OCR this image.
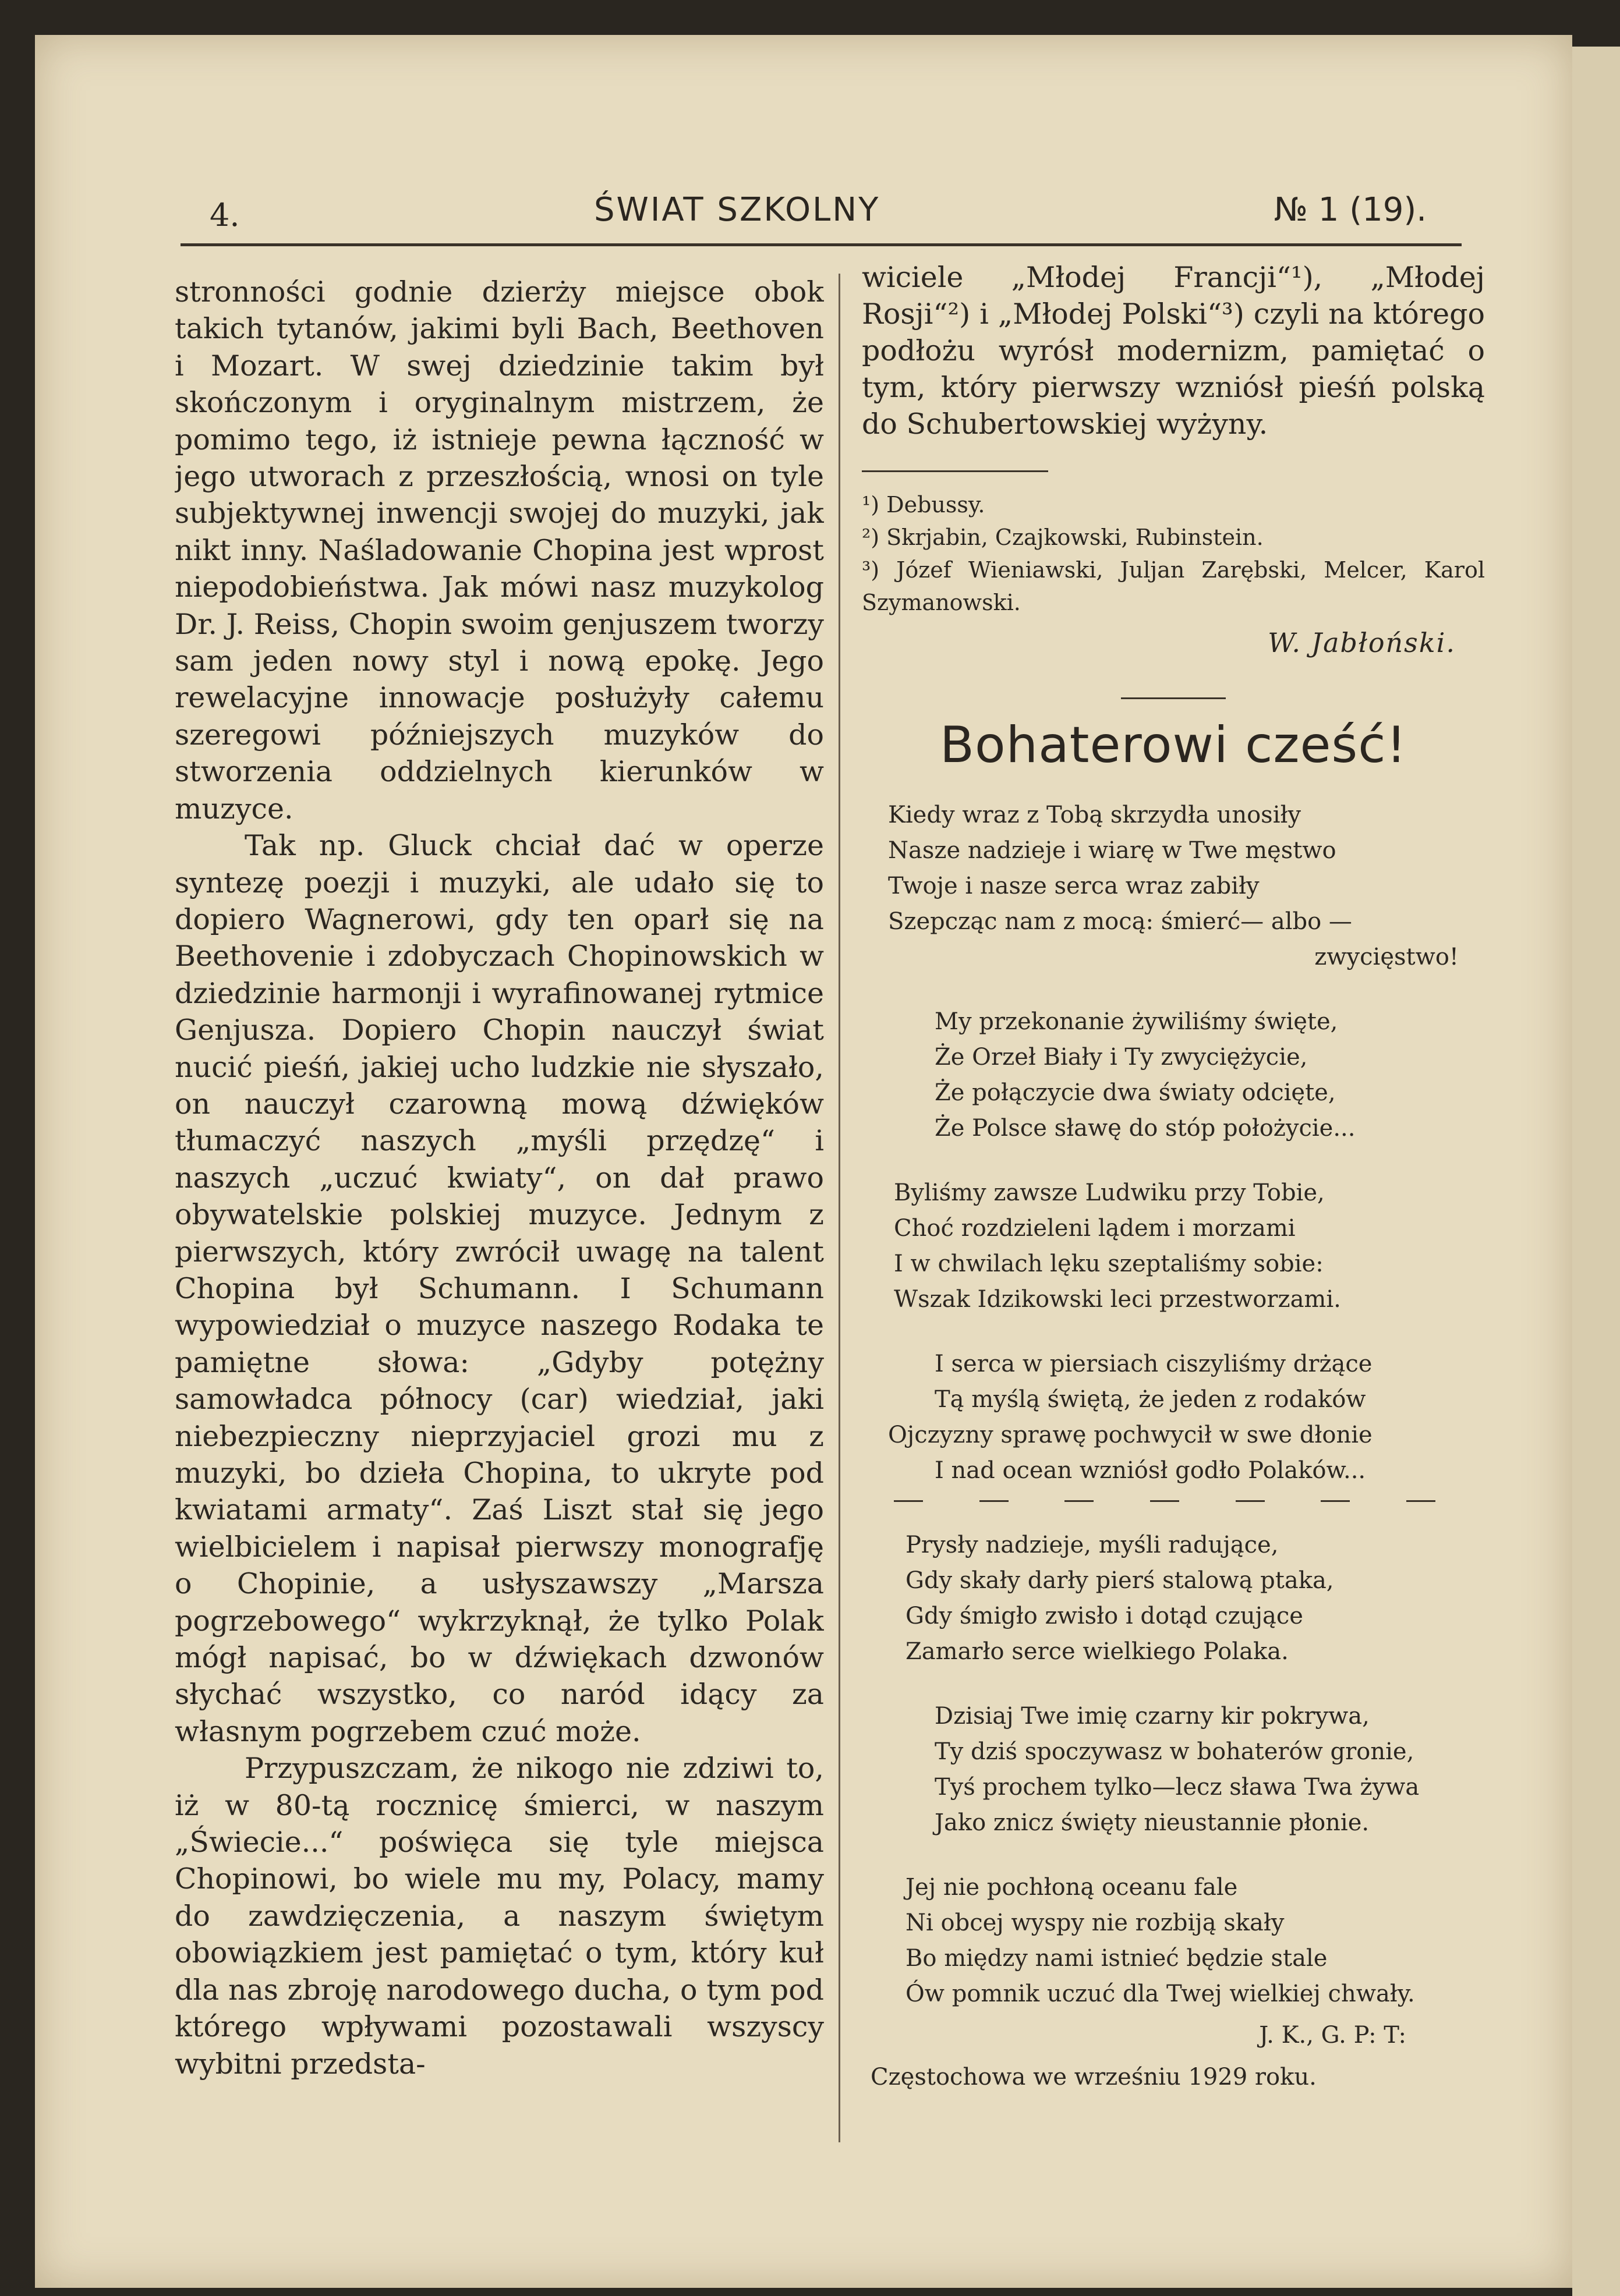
4.	ŚWIAT SZKOLNY	№ 1 (19).

stronności godnie dzierży miejsce obok takich tytanów, jakimi byli Bach, Beethoven i Mozart. W swej dziedzinie takim był skończonym i oryginalnym mistrzem, że pomimo tego, iż istnieje pewna łączność w jego utworach z przeszłością, wnosi on tyle subjektywnej inwencji swojej do muzyki, jak nikt inny. Naśladowanie Chopina jest wprost niepodobieństwa. Jak mówi nasz muzykolog Dr. J. Reiss, Chopin swoim genjuszem tworzy sam jeden nowy styl i nową epokę. Jego rewelacyjne innowacje posłużyły całemu szeregowi późniejszych muzyków do stworzenia oddzielnych kierunków w muzyce.

Tak np. Gluck chciał dać w operze syntezę poezji i muzyki, ale udało się to dopiero Wagnerowi, gdy ten oparł się na Beethovenie i zdobyczach Chopinowskich w dziedzinie harmonji i wyrafinowanej rytmice Genjusza. Dopiero Chopin nauczył świat nucić pieśń, jakiej ucho ludzkie nie słyszało, on nauczył czarowną mową dźwięków tłumaczyć naszych „myśli przędzę“ i naszych „uczuć kwiaty“, on dał prawo obywatelskie polskiej muzyce. Jednym z pierwszych, który zwrócił uwagę na talent Chopina był Schumann. I Schumann wypowiedział o muzyce naszego Rodaka te pamiętne słowa: „Gdyby potężny samowładca północy (car) wiedział, jaki niebezpieczny nieprzyjaciel grozi mu z muzyki, bo dzieła Chopina, to ukryte pod kwiatami armaty“. Zaś Liszt stał się jego wielbicielem i napisał pierwszy monografję o Chopinie, a usłyszawszy „Marsza pogrzebowego“ wykrzyknął, że tylko Polak mógł napisać, bo w dźwiękach dzwonów słychać wszystko, co naród idący za własnym pogrzebem czuć może.

Przypuszczam, że nikogo nie zdziwi to, iż w 80-tą rocznicę śmierci, w naszym „Świecie...“ poświęca się tyle miejsca Chopinowi, bo wiele mu my, Polacy, mamy do zawdzięczenia, a naszym świętym obowiązkiem jest pamiętać o tym, który kuł dla nas zbroję narodowego ducha, o tym pod którego wpływami pozostawali wszyscy wybitni przedsta-

wiciele „Młodej Francji“¹), „Młodej Rosji“²) i „Młodej Polski“³) czyli na którego podłożu wyrósł modernizm, pamiętać o tym, który pierwszy wzniósł pieśń polską do Schubertowskiej wyżyny.

¹) Debussy.
²) Skrjabin, Czajkowski, Rubinstein.
³) Józef Wieniawski, Juljan Zarębski, Melcer, Karol Szymanowski.
W. Jabłoński.
Bohaterowi cześć!
Kiedy wraz z Tobą skrzydła unosiły
Nasze nadzieje i wiarę w Twe męstwo
Twoje i nasze serca wraz zabiły
Szepcząc nam z mocą: śmierć— albo —
zwycięstwo!
My przekonanie żywiliśmy święte,
Że Orzeł Biały i Ty zwyciężycie,
Że połączycie dwa światy odcięte,
Że Polsce sławę do stóp położycie...
Byliśmy zawsze Ludwiku przy Tobie,
Choć rozdzieleni lądem i morzami
I w chwilach lęku szeptaliśmy sobie:
Wszak Idzikowski leci przestworzami.
I serca w piersiach ciszyliśmy drżące
Tą myślą świętą, że jeden z rodaków
Ojczyzny sprawę pochwycił w swe dłonie
I nad ocean wzniósł godło Polaków...
Prysły nadzieje, myśli radujące,
Gdy skały darły pierś stalową ptaka,
Gdy śmigło zwisło i dotąd czujące
Zamarło serce wielkiego Polaka.
Dzisiaj Twe imię czarny kir pokrywa,
Ty dziś spoczywasz w bohaterów gronie,
Tyś prochem tylko—lecz sława Twa żywa
Jako znicz święty nieustannie płonie.
Jej nie pochłoną oceanu fale
Ni obcej wyspy nie rozbiją skały
Bo między nami istnieć będzie stale
Ów pomnik uczuć dla Twej wielkiej chwały.
J. K., G. P: T:
Częstochowa we wrześniu 1929 roku.
